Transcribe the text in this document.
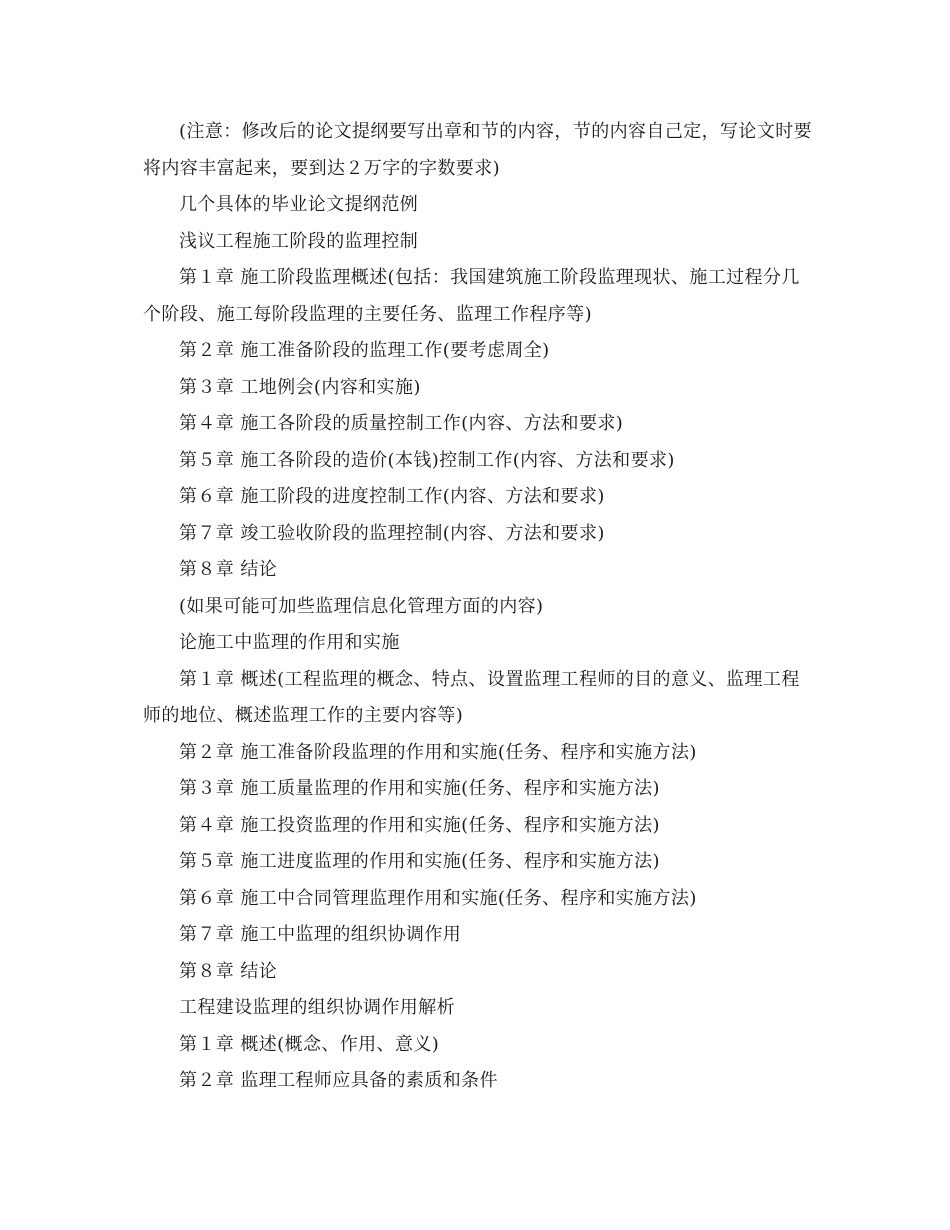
(注意：修改后的论文提纲要写出章和节的内容，节的内容自己定，写论文时要将内容丰富起来，要到达２万字的字数要求)

几个具体的毕业论文提纲范例

浅议工程施工阶段的监理控制

第１章 施工阶段监理概述(包括：我国建筑施工阶段监理现状、施工过程分几个阶段、施工每阶段监理的主要任务、监理工作程序等)

第２章 施工准备阶段的监理工作(要考虑周全)

第３章 工地例会(内容和实施)

第４章 施工各阶段的质量控制工作(内容、方法和要求)

第５章 施工各阶段的造价(本钱)控制工作(内容、方法和要求)

第６章 施工阶段的进度控制工作(内容、方法和要求)

第７章 竣工验收阶段的监理控制(内容、方法和要求)

第８章 结论

(如果可能可加些监理信息化管理方面的内容)

论施工中监理的作用和实施

第１章 概述(工程监理的概念、特点、设置监理工程师的目的意义、监理工程师的地位、概述监理工作的主要内容等)

第２章 施工准备阶段监理的作用和实施(任务、程序和实施方法)

第３章 施工质量监理的作用和实施(任务、程序和实施方法)

第４章 施工投资监理的作用和实施(任务、程序和实施方法)

第５章 施工进度监理的作用和实施(任务、程序和实施方法)

第６章 施工中合同管理监理作用和实施(任务、程序和实施方法)

第７章 施工中监理的组织协调作用

第８章 结论

工程建设监理的组织协调作用解析

第１章 概述(概念、作用、意义)

第２章 监理工程师应具备的素质和条件
